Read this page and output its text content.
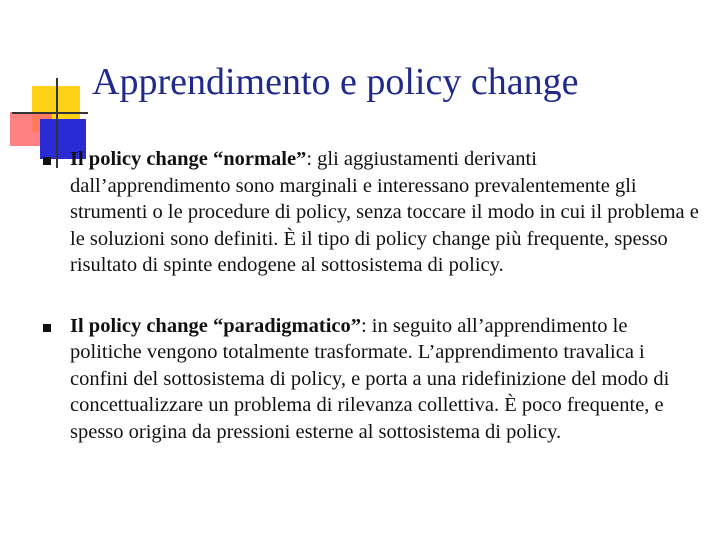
Apprendimento e policy change
Il policy change “normale”: gli aggiustamenti derivanti dall’apprendimento sono marginali e interessano prevalentemente gli strumenti o le procedure di policy, senza toccare il modo in cui il problema e le soluzioni sono definiti. È il tipo di policy change più frequente, spesso risultato di spinte endogene al sottosistema di policy.
Il policy change “paradigmatico”: in seguito all’apprendimento le politiche vengono totalmente trasformate. L’apprendimento travalica i confini del sottosistema di policy, e porta a una ridefinizione del modo di concettualizzare un problema di rilevanza collettiva. È poco frequente, e spesso origina da pressioni esterne al sottosistema di policy.
